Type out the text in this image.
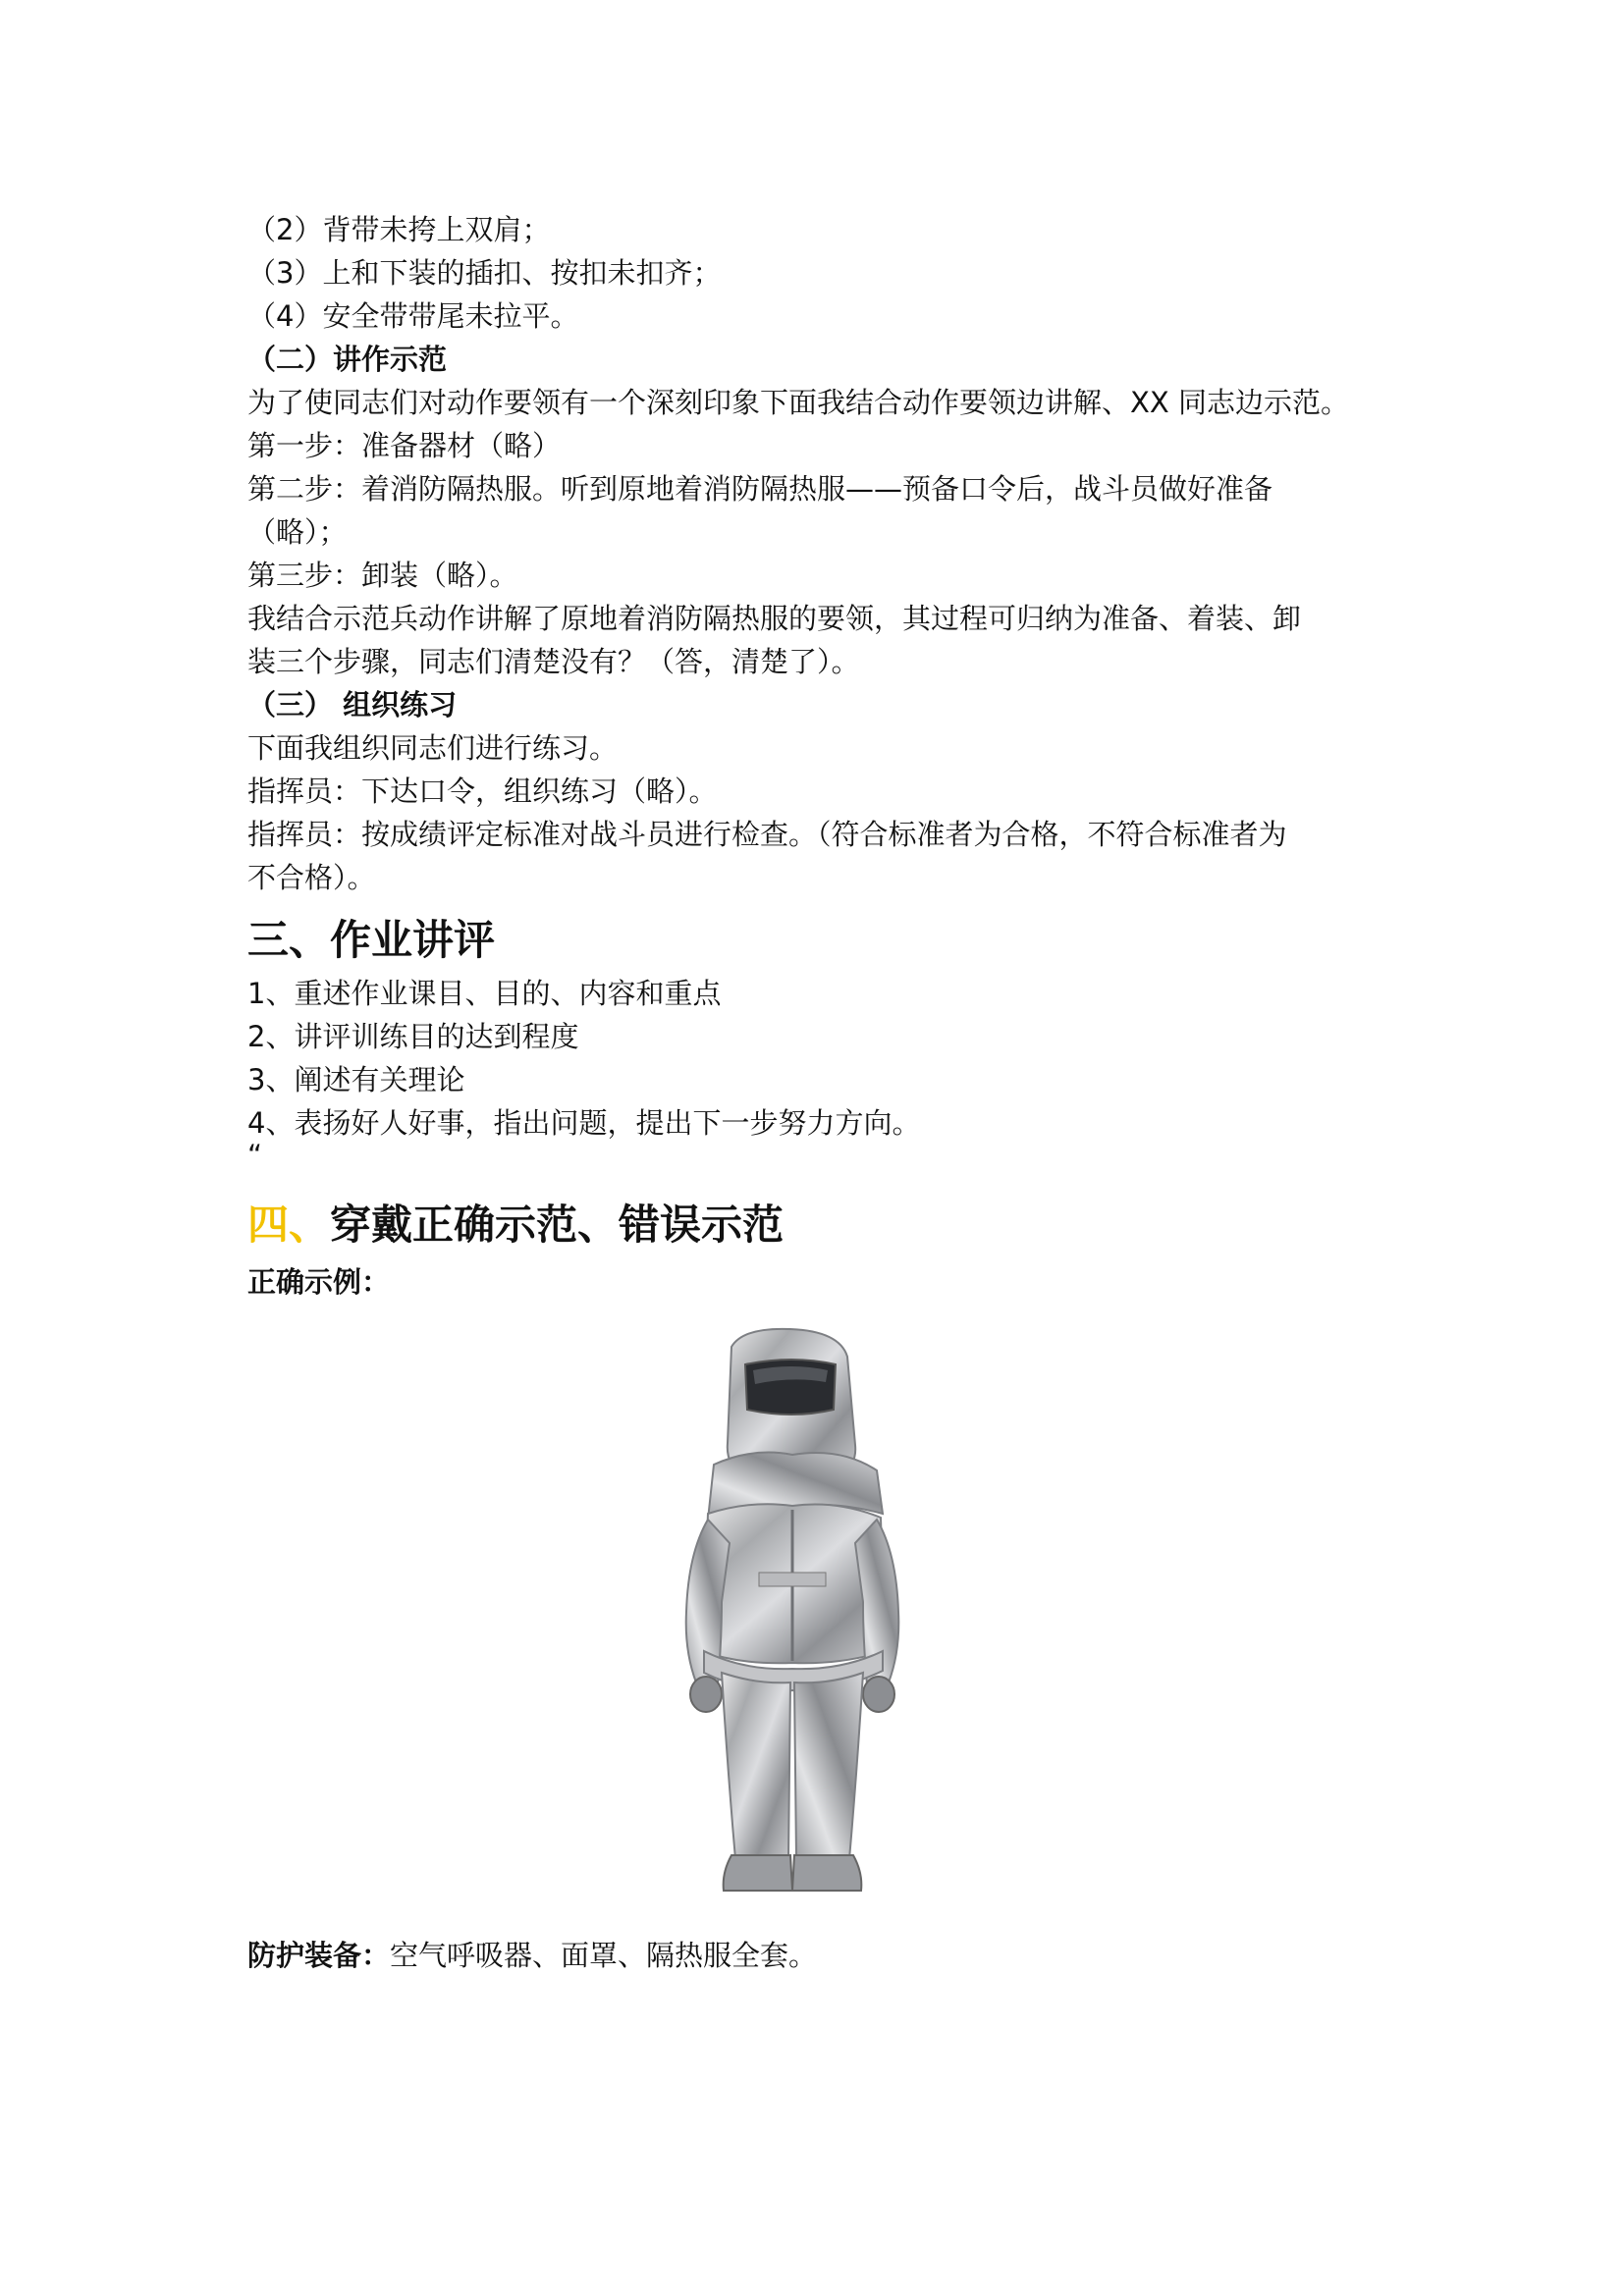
（2）背带未挎上双肩；
（3）上和下装的插扣、按扣未扣齐；
（4）安全带带尾未拉平。
（二）讲作示范
为了使同志们对动作要领有一个深刻印象下面我结合动作要领边讲解、XX 同志边示范。
第一步：准备器材（略）
第二步：着消防隔热服。听到原地着消防隔热服——预备口令后，战斗员做好准备
（略）；
第三步：卸装（略）。
我结合示范兵动作讲解了原地着消防隔热服的要领，其过程可归纳为准备、着装、卸
装三个步骤，同志们清楚没有？（答，清楚了）。
（三） 组织练习
下面我组织同志们进行练习。
指挥员：下达口令，组织练习（略）。
指挥员：按成绩评定标准对战斗员进行检查。（符合标准者为合格，不符合标准者为
不合格）。
三、作业讲评
1、重述作业课目、目的、内容和重点
2、讲评训练目的达到程度
3、阐述有关理论
4、表扬好人好事，指出问题，提出下一步努力方向。
“
四、穿戴正确示范、错误示范
正确示例：
防护装备：空气呼吸器、面罩、隔热服全套。
